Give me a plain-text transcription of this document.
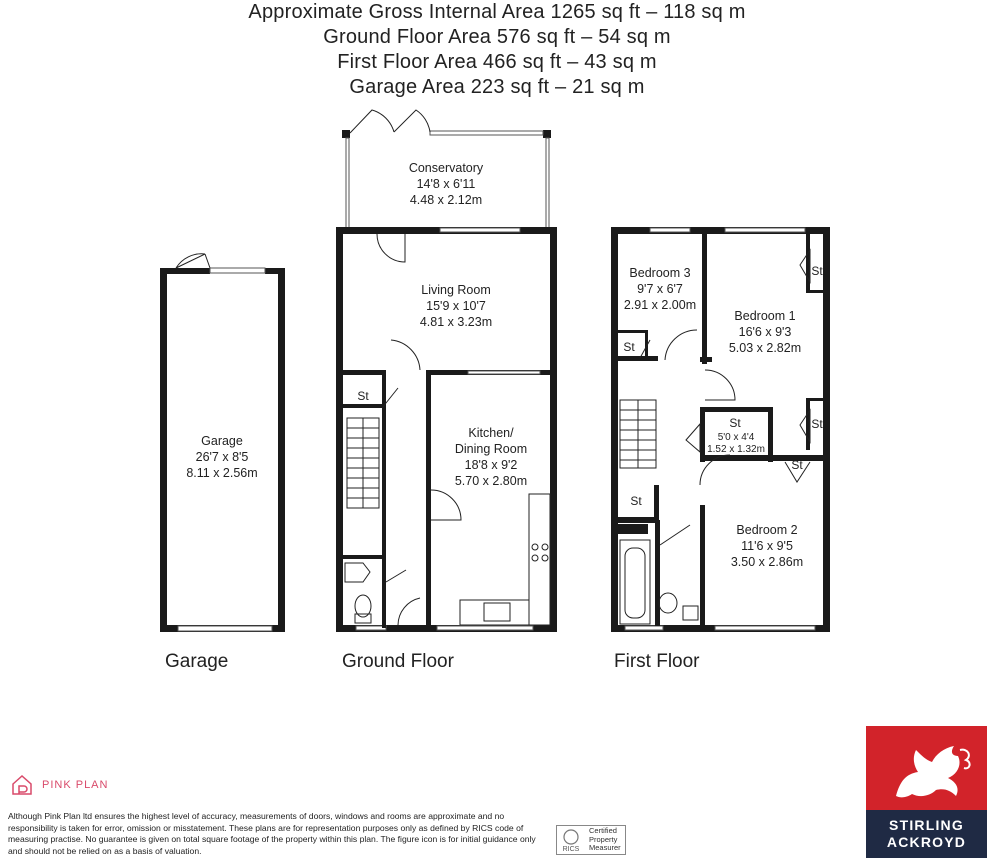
Approximate Gross Internal Area 1265 sq ft – 118 sq m
Ground Floor Area 576 sq ft – 54 sq m
First Floor Area 466 sq ft – 43 sq m
Garage Area 223 sq ft – 21 sq m
Conservatory
14'8 x 6'11
4.48 x 2.12m
Living Room
15'9 x 10'7
4.81 x 3.23m
Kitchen/
Dining Room
18'8 x 9'2
5.70 x 2.80m
St
Garage
26'7 x 8'5
8.11 x 2.56m
Bedroom 3
9'7 x 6'7
2.91 x 2.00m
Bedroom 1
16'6 x 9'3
5.03 x 2.82m
St
5'0 x 4'4
1.52 x 1.32m
Bedroom 2
11'6 x 9'5
3.50 x 2.86m
St
St
St
St
St
Garage	Ground Floor	First Floor
PINK PLAN
Although Pink Plan ltd ensures the highest level of accuracy, measurements of doors, windows and rooms are approximate and no responsibility is taken for error, omission or misstatement. These plans are for representation purposes only as defined by RICS code of measuring practise. No guarantee is given on total square footage of the property within this plan. The figure icon is for initial guidance only and should not be relied on as a basis of valuation.	RICS
Certified
Property
Measurer
STIRLING
ACKROYD
